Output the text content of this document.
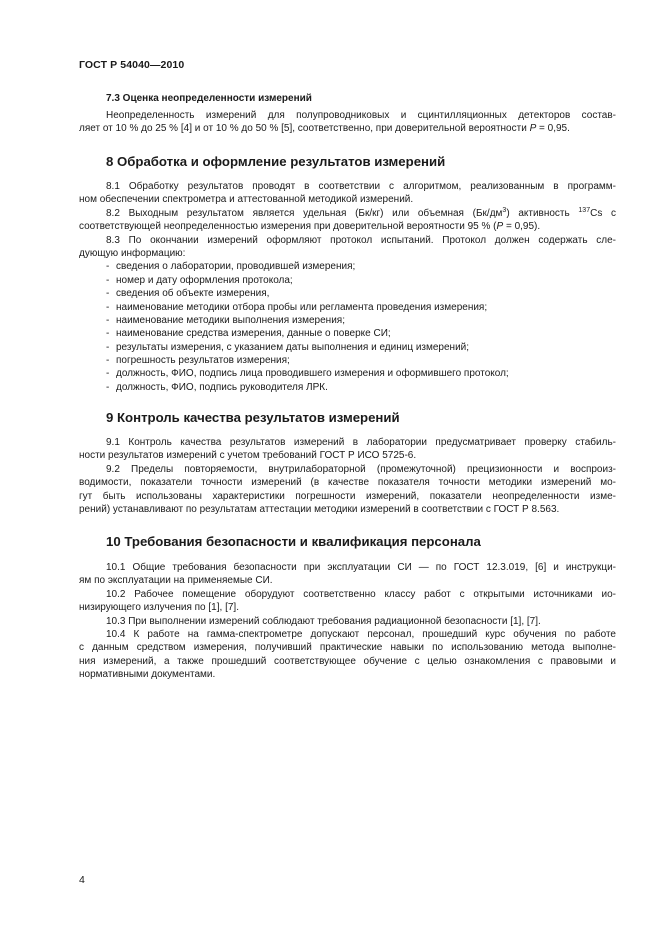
ГОСТ Р 54040—2010
7.3 Оценка неопределенности измерений
Неопределенность измерений для полупроводниковых и сцинтилляционных детекторов состав-
ляет от 10 % до 25 % [4] и от 10 % до 50 % [5], соответственно, при доверительной вероятности P = 0,95.
8 Обработка и оформление результатов измерений
8.1 Обработку результатов проводят в соответствии с алгоритмом, реализованным в программ-
ном обеспечении спектрометра и аттестованной методикой измерений.
8.2 Выходным результатом является удельная (Бк/кг) или объемная $(Бк/дм^3)$ активность $^{137}$Cs с
соответствующей неопределенностью измерения при доверительной вероятности 95 % (P = 0,95).
8.3 По окончании измерений оформляют протокол испытаний. Протокол должен содержать сле-
дующую информацию:
- сведения о лаборатории, проводившей измерения;
- номер и дату оформления протокола;
- сведения об объекте измерения,
- наименование методики отбора пробы или регламента проведения измерения;
- наименование методики выполнения измерения;
- наименование средства измерения, данные о поверке СИ;
- результаты измерения, с указанием даты выполнения и единиц измерений;
- погрешность результатов измерения;
- должность, ФИО, подпись лица проводившего измерения и оформившего протокол;
- должность, ФИО, подпись руководителя ЛРК.
9 Контроль качества результатов измерений
9.1 Контроль качества результатов измерений в лаборатории предусматривает проверку стабиль-
ности результатов измерений с учетом требований ГОСТ Р ИСО 5725-6.
9.2 Пределы повторяемости, внутрилабораторной (промежуточной) прецизионности и воспроиз-
водимости, показатели точности измерений (в качестве показателя точности методики измерений мо-
гут быть использованы характеристики погрешности измерений, показатели неопределенности изме-
рений) устанавливают по результатам аттестации методики измерений в соответствии с ГОСТ Р 8.563.
10 Требования безопасности и квалификация персонала
10.1 Общие требования безопасности при эксплуатации СИ — по ГОСТ 12.3.019, [6] и инструкци-
ям по эксплуатации на применяемые СИ.
10.2 Рабочее помещение оборудуют соответственно классу работ с открытыми источниками ио-
низирующего излучения по [1], [7].
10.3 При выполнении измерений соблюдают требования радиационной безопасности [1], [7].
10.4 К работе на гамма-спектрометре допускают персонал, прошедший курс обучения по работе
с данным средством измерения, получивший практические навыки по использованию метода выполне-
ния измерений, а также прошедший соответствующее обучение с целью ознакомления с правовыми и
нормативными документами.
4
